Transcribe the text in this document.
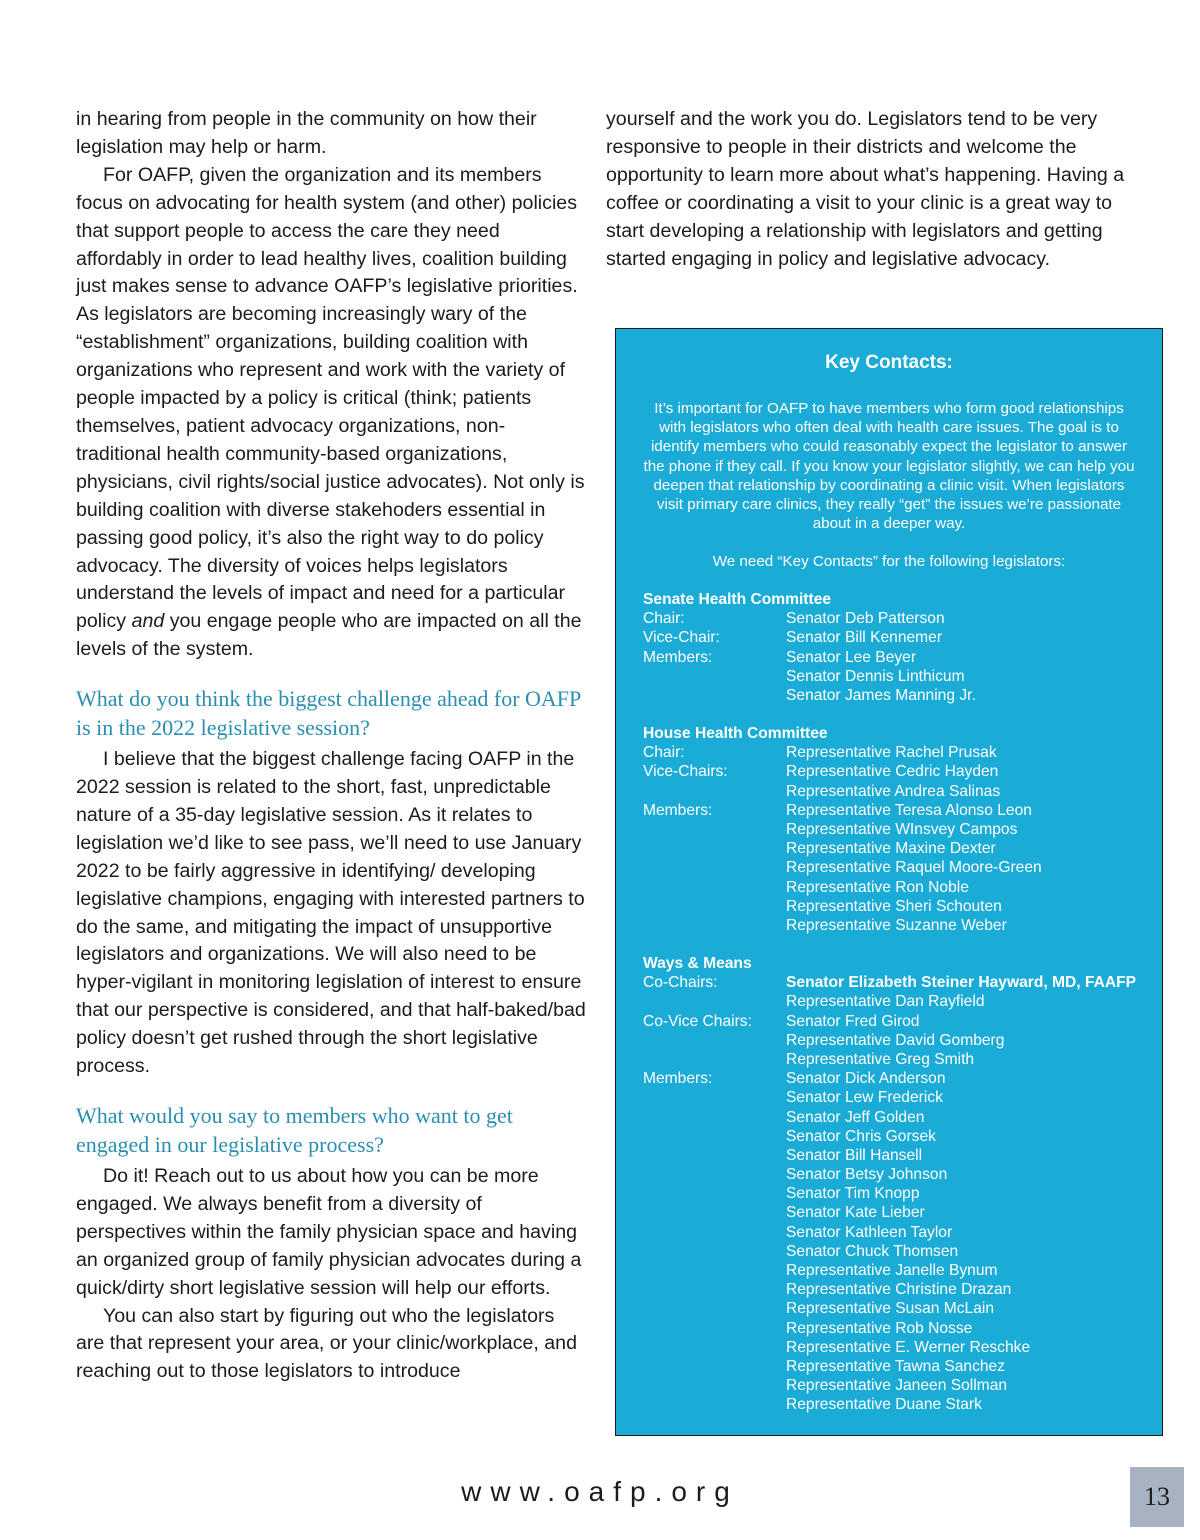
in hearing from people in the community on how their legislation may help or harm.

For OAFP, given the organization and its members focus on advocating for health system (and other) policies that support people to access the care they need affordably in order to lead healthy lives, coalition building just makes sense to advance OAFP’s legislative priorities. As legislators are becoming increasingly wary of the “establishment” organizations, building coalition with organizations who represent and work with the variety of people impacted by a policy is critical (think; patients themselves, patient advocacy organizations, non-traditional health community-based organizations, physicians, civil rights/social justice advocates). Not only is building coalition with diverse stakehoders essential in passing good policy, it’s also the right way to do policy advocacy. The diversity of voices helps legislators understand the levels of impact and need for a particular policy and you engage people who are impacted on all the levels of the system.

What do you think the biggest challenge ahead for OAFP is in the 2022 legislative session?

I believe that the biggest challenge facing OAFP in the 2022 session is related to the short, fast, unpredictable nature of a 35-day legislative session. As it relates to legislation we’d like to see pass, we’ll need to use January 2022 to be fairly aggressive in identifying/ developing legislative champions, engaging with interested partners to do the same, and mitigating the impact of unsupportive legislators and organizations. We will also need to be hyper-vigilant in monitoring legislation of interest to ensure that our perspective is considered, and that half-baked/bad policy doesn’t get rushed through the short legislative process.

What would you say to members who want to get engaged in our legislative process?

Do it! Reach out to us about how you can be more engaged. We always benefit from a diversity of perspectives within the family physician space and having an organized group of family physician advocates during a quick/dirty short legislative session will help our efforts.

You can also start by figuring out who the legislators are that represent your area, or your clinic/workplace, and reaching out to those legislators to introduce

yourself and the work you do. Legislators tend to be very responsive to people in their districts and welcome the opportunity to learn more about what’s happening. Having a coffee or coordinating a visit to your clinic is a great way to start developing a relationship with legislators and getting started engaging in policy and legislative advocacy.

Key Contacts:
It’s important for OAFP to have members who form good relationships with legislators who often deal with health care issues. The goal is to identify members who could reasonably expect the legislator to answer the phone if they call. If you know your legislator slightly, we can help you deepen that relationship by coordinating a clinic visit. When legislators visit primary care clinics, they really “get” the issues we’re passionate about in a deeper way.
We need “Key Contacts” for the following legislators:
Senate Health Committee
Chair:	Senator Deb Patterson
Vice-Chair:	Senator Bill Kennemer
Members:	Senator Lee Beyer
Senator Dennis Linthicum
Senator James Manning Jr.
House Health Committee
Chair:	Representative Rachel Prusak
Vice-Chairs:	Representative Cedric Hayden
Representative Andrea Salinas
Members:	Representative Teresa Alonso Leon
Representative WInsvey Campos
Representative Maxine Dexter
Representative Raquel Moore-Green
Representative Ron Noble
Representative Sheri Schouten
Representative Suzanne Weber
Ways & Means
Co-Chairs:	Senator Elizabeth Steiner Hayward, MD, FAAFP
Representative Dan Rayfield
Co-Vice Chairs:	Senator Fred Girod
Representative David Gomberg
Representative Greg Smith
Members:	Senator Dick Anderson
Senator Lew Frederick
Senator Jeff Golden
Senator Chris Gorsek
Senator Bill Hansell
Senator Betsy Johnson
Senator Tim Knopp
Senator Kate Lieber
Senator Kathleen Taylor
Senator Chuck Thomsen
Representative Janelle Bynum
Representative Christine Drazan
Representative Susan McLain
Representative Rob Nosse
Representative E. Werner Reschke
Representative Tawna Sanchez
Representative Janeen Sollman
Representative Duane Stark
www.oafp.org	13
